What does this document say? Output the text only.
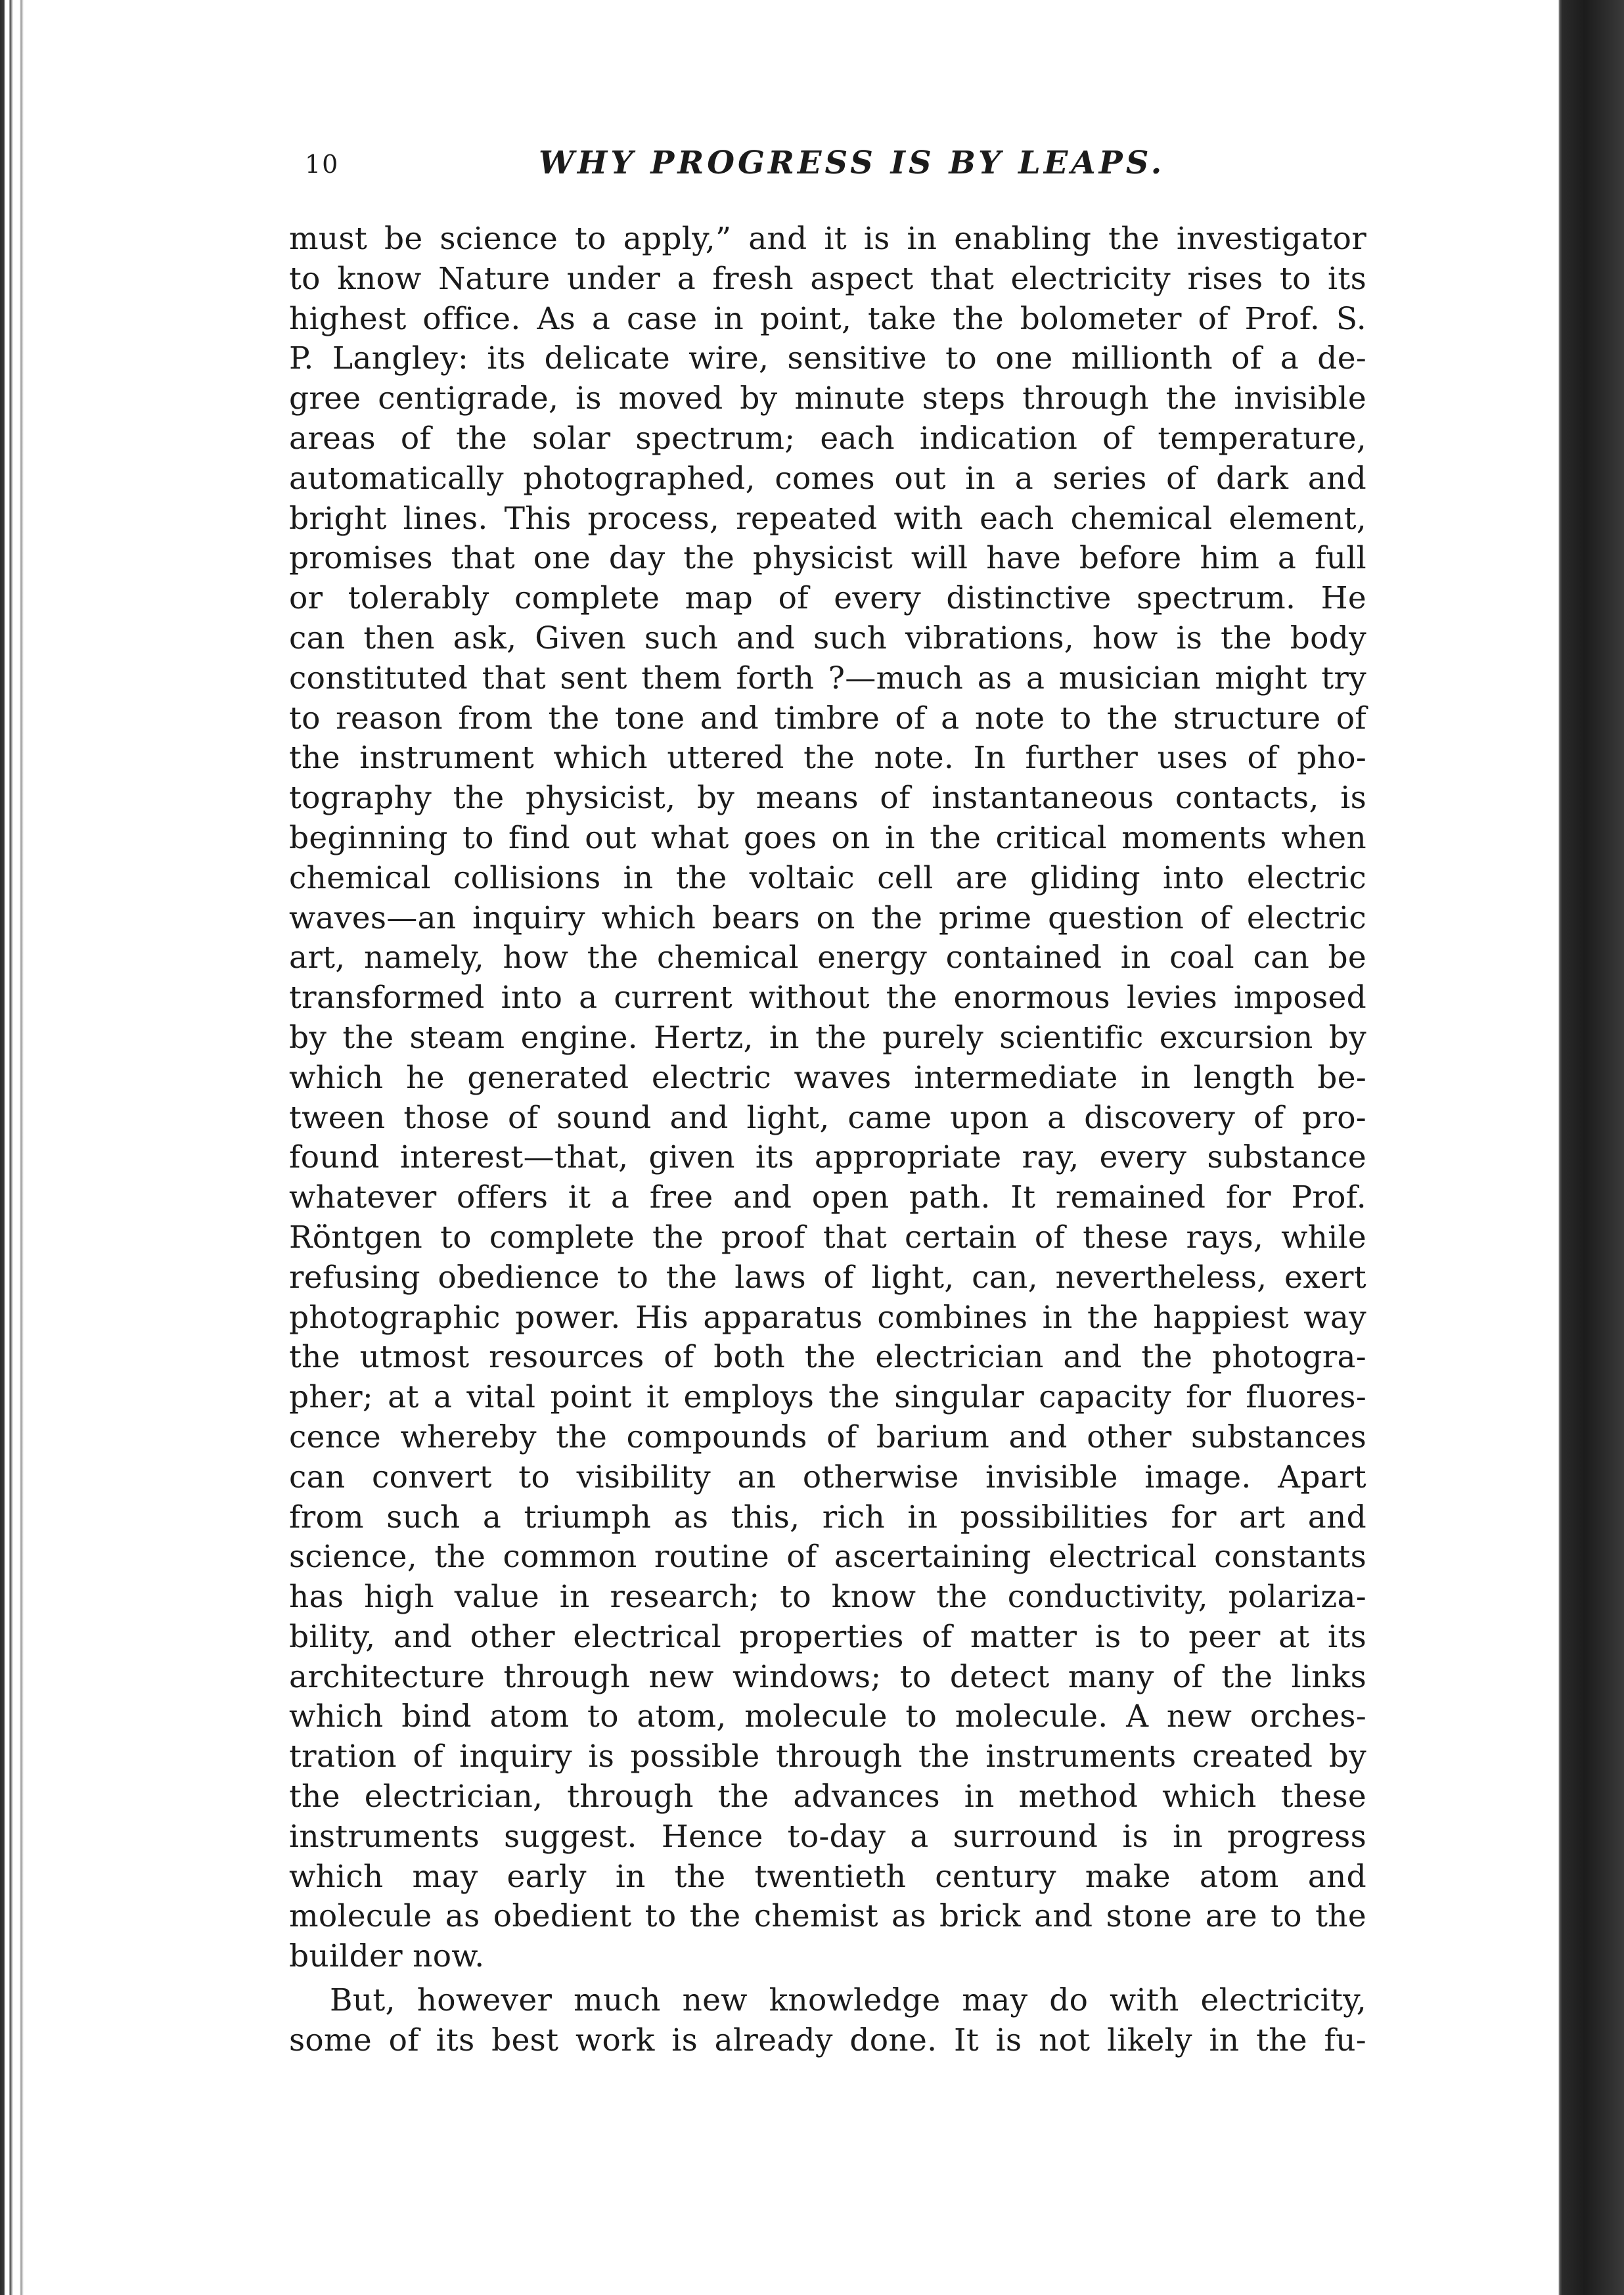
10	WHY PROGRESS IS BY LEAPS.
must be science to apply,” and it is in enabling the investigator
to know Nature under a fresh aspect that electricity rises to its
highest office. As a case in point, take the bolometer of Prof. S.
P. Langley: its delicate wire, sensitive to one millionth of a de-
gree centigrade, is moved by minute steps through the invisible
areas of the solar spectrum; each indication of temperature,
automatically photographed, comes out in a series of dark and
bright lines. This process, repeated with each chemical element,
promises that one day the physicist will have before him a full
or tolerably complete map of every distinctive spectrum. He
can then ask, Given such and such vibrations, how is the body
constituted that sent them forth ?—much as a musician might try
to reason from the tone and timbre of a note to the structure of
the instrument which uttered the note. In further uses of pho-
tography the physicist, by means of instantaneous contacts, is
beginning to find out what goes on in the critical moments when
chemical collisions in the voltaic cell are gliding into electric
waves—an inquiry which bears on the prime question of electric
art, namely, how the chemical energy contained in coal can be
transformed into a current without the enormous levies imposed
by the steam engine. Hertz, in the purely scientific excursion by
which he generated electric waves intermediate in length be-
tween those of sound and light, came upon a discovery of pro-
found interest—that, given its appropriate ray, every substance
whatever offers it a free and open path. It remained for Prof.
Röntgen to complete the proof that certain of these rays, while
refusing obedience to the laws of light, can, nevertheless, exert
photographic power. His apparatus combines in the happiest way
the utmost resources of both the electrician and the photogra-
pher; at a vital point it employs the singular capacity for fluores-
cence whereby the compounds of barium and other substances
can convert to visibility an otherwise invisible image. Apart
from such a triumph as this, rich in possibilities for art and
science, the common routine of ascertaining electrical constants
has high value in research; to know the conductivity, polariza-
bility, and other electrical properties of matter is to peer at its
architecture through new windows; to detect many of the links
which bind atom to atom, molecule to molecule. A new orches-
tration of inquiry is possible through the instruments created by
the electrician, through the advances in method which these
instruments suggest. Hence to-day a surround is in progress
which may early in the twentieth century make atom and
molecule as obedient to the chemist as brick and stone are to the
builder now.
But, however much new knowledge may do with electricity,
some of its best work is already done. It is not likely in the fu-
